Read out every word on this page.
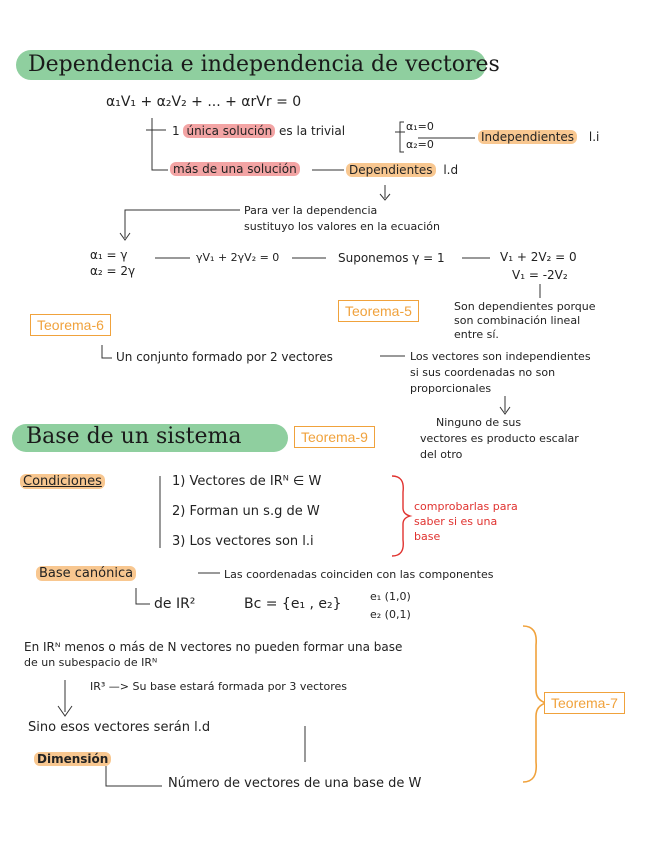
Dependencia e independencia de vectores
α₁V₁ + α₂V₂ + ... + αrVr = 0
1 única solución es la trivial	α₁=0
α₂=0
Independientes l.i
más de una solución	Dependientes l.d
Para ver la dependencia
sustituyo los valores en la ecuación
α₁ = γ
α₂ = 2γ
γV₁ + 2γV₂ = 0	Suponemos γ = 1	V₁ + 2V₂ = 0
V₁ = -2V₂
Teorema-5	Son dependientes porque
son combinación lineal
entre sí.
Teorema-6
Un conjunto formado por 2 vectores	Los vectores son independientes
si sus coordenadas no son
proporcionales
Ninguno de sus
vectores es producto escalar
del otro
Base de un sistema	Teorema-9
Condiciones	1) Vectores de IRᴺ ∈ W
2) Forman un s.g de W
3) Los vectores son l.i
comprobarlas para
saber si es una
base
Base canónica	Las coordenadas coinciden con las componentes
de IR²	Bc = {e₁ , e₂}	e₁ (1,0)
e₂ (0,1)
En IRᴺ menos o más de N vectores no pueden formar una base
de un subespacio de IRᴺ
IR³ —> Su base estará formada por 3 vectores
Sino esos vectores serán l.d
Teorema-7
Dimensión
Número de vectores de una base de W
